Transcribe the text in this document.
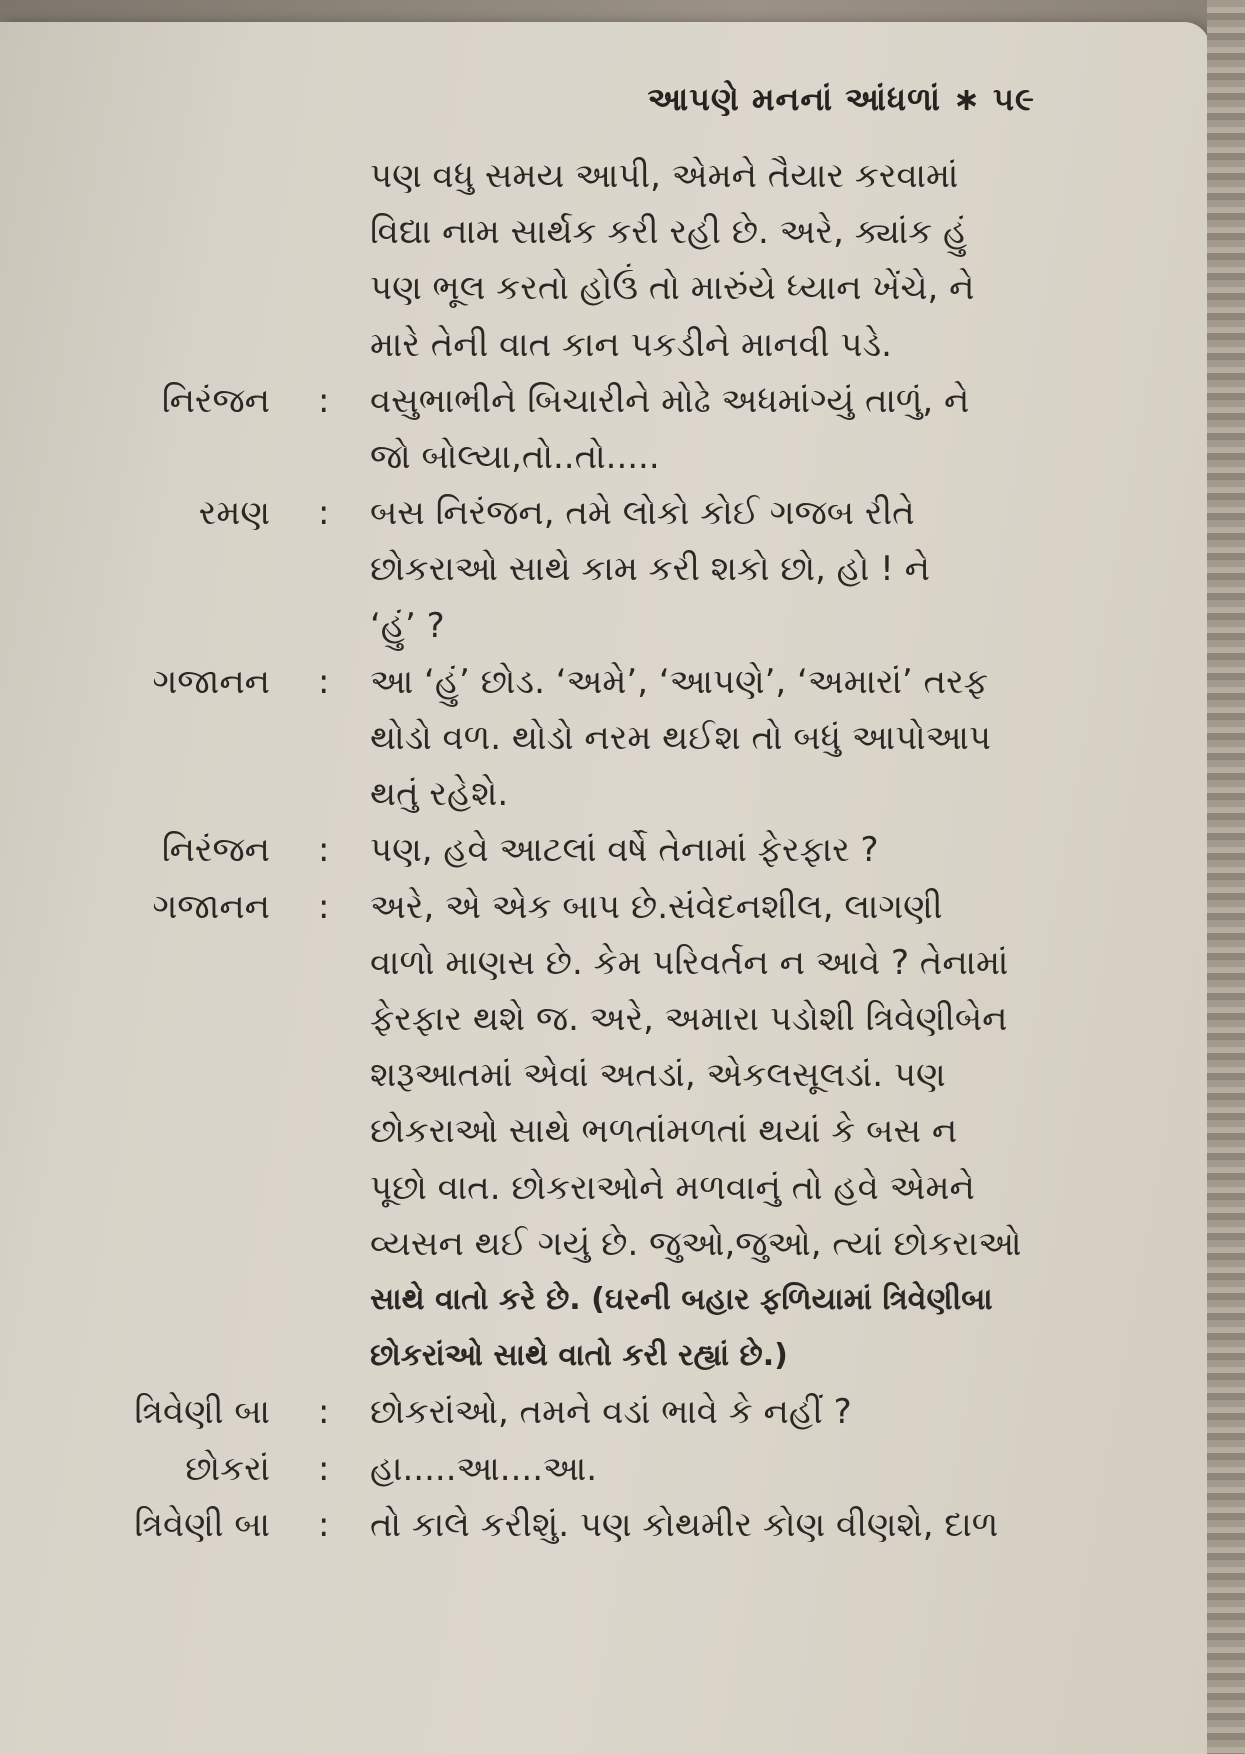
આપણે મનનાં આંધળાં ∗ ૫૯
પણ વધુ સમય આપી, એમને તૈયાર કરવામાં
વિદ્યા નામ સાર્થક કરી રહી છે. અરે, ક્યાંક હું
પણ ભૂલ કરતો હોઉં તો મારુંયે ધ્યાન ખેંચે, ને
મારે તેની વાત કાન પકડીને માનવી પડે.
નિરંજન : વસુભાભીને બિચારીને મોઢે અધમાંગ્યું તાળું, ને
જો બોલ્યા,તો..તો.....
રમણ : બસ નિરંજન, તમે લોકો કોઈ ગજબ રીતે
છોકરાઓ સાથે કામ કરી શકો છો, હો ! ને
‘હું’ ?
ગજાનન : આ ‘હું’ છોડ. ‘અમે’, ‘આપણે’, ‘અમારાં’ તરફ
થોડો વળ. થોડો નરમ થઈશ તો બધું આપોઆપ
થતું રહેશે.
નિરંજન : પણ, હવે આટલાં વર્ષે તેનામાં ફેરફાર ?
ગજાનન : અરે, એ એક બાપ છે.સંવેદનશીલ, લાગણી
વાળો માણસ છે. કેમ પરિવર્તન ન આવે ? તેનામાં
ફેરફાર થશે જ. અરે, અમારા પડોશી ત્રિવેણીબેન
શરૂઆતમાં એવાં અતડાં, એકલસૂલડાં. પણ
છોકરાઓ સાથે ભળતાંમળતાં થયાં કે બસ ન
પૂછો વાત. છોકરાઓને મળવાનું તો હવે એમને
વ્યસન થઈ ગયું છે. જુઓ,જુઓ, ત્યાં છોકરાઓ
સાથે વાતો કરે છે. (ઘરની બહાર ફળિયામાં ત્રિવેણીબા
છોકરાંઓ સાથે વાતો કરી રહ્યાં છે.)
ત્રિવેણી બા : છોકરાંઓ, તમને વડાં ભાવે કે નહીં ?
છોકરાં : હા.....આ....આ.
ત્રિવેણી બા : તો કાલે કરીશું. પણ કોથમીર કોણ વીણશે, દાળ
